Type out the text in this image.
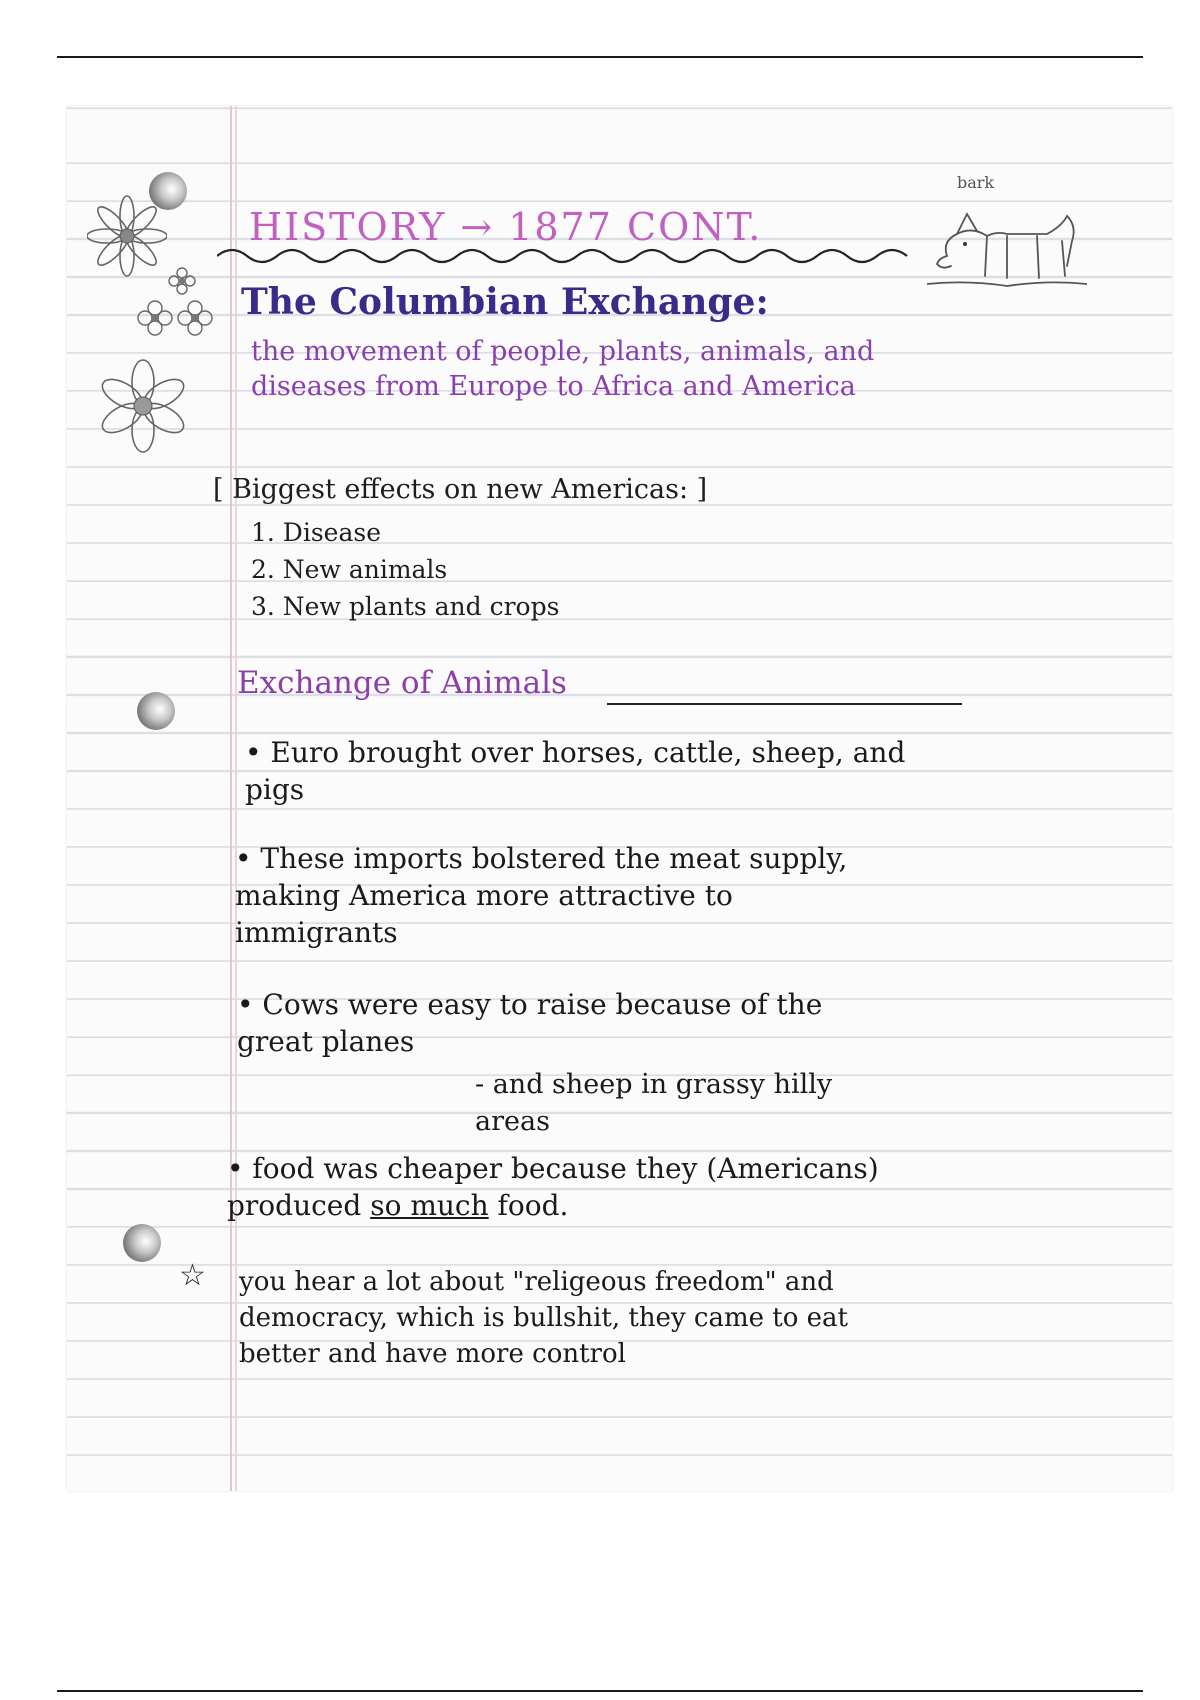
bark
HISTORY → 1877 CONT.
The Columbian Exchange:
the movement of people, plants, animals, and diseases from Europe to Africa and America
[ Biggest effects on new Americas: ]
1. Disease
2. New animals
3. New plants and crops
Exchange of Animals
• Euro brought over horses, cattle, sheep, and pigs
• These imports bolstered the meat supply, making America more attractive to immigrants
• Cows were easy to raise because of the great planes
- and sheep in grassy hilly areas
• food was cheaper because they (Americans) produced so much food.
☆ you hear a lot about "religeous freedom" and democracy, which is bullshit, they came to eat better and have more control
